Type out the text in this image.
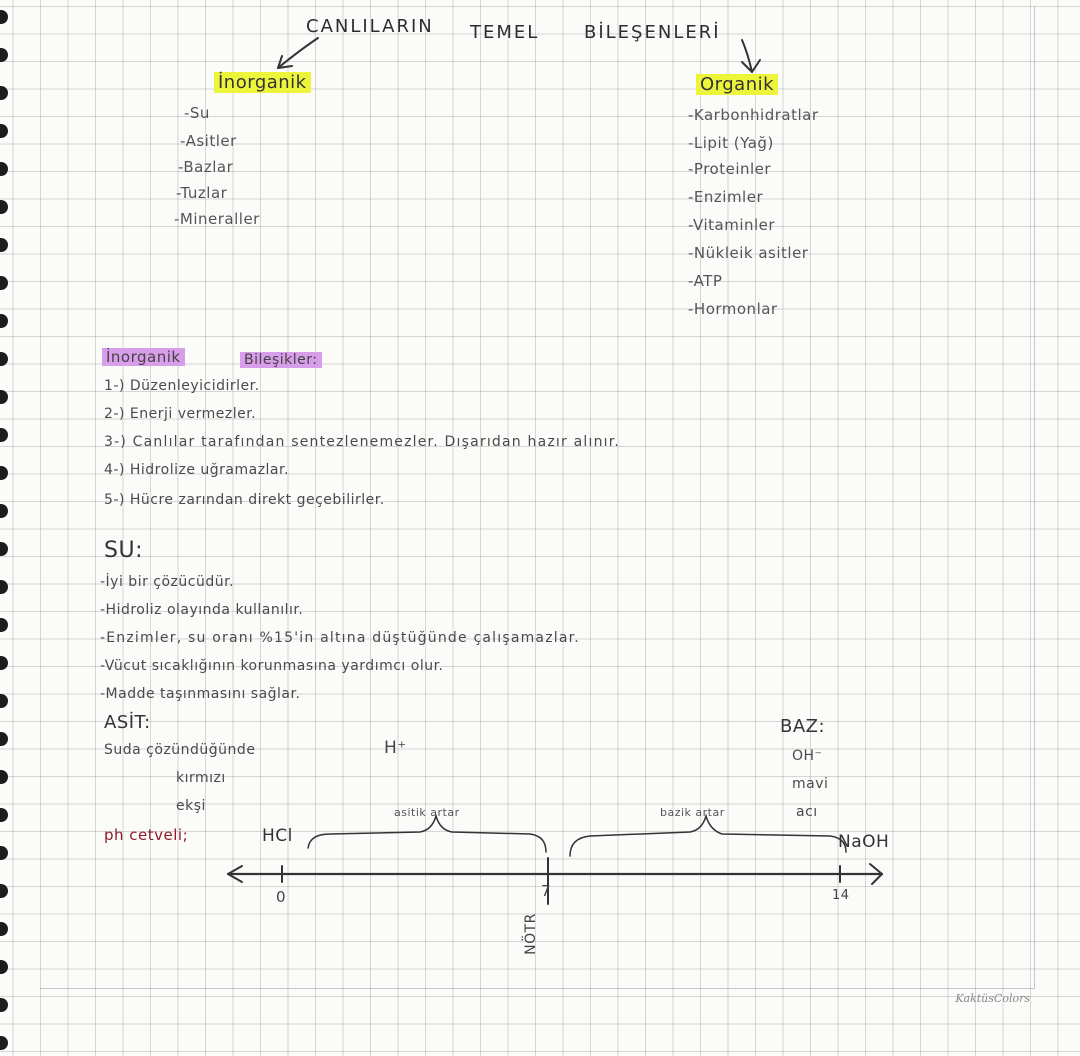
CANLILARIN TEMEL BİLEŞENLERİ
İnorganik
-Su
-Asitler
-Bazlar
-Tuzlar
-Mineraller
Organik
-Karbonhidratlar
-Lipit (Yağ)
-Proteinler
-Enzimler
-Vitaminler
-Nükleik asitler
-ATP
-Hormonlar
İnorganik	Bileşikler:
1-) Düzenleyicidirler.
2-) Enerji vermezler.
3-) Canlılar tarafından sentezlenemezler. Dışarıdan hazır alınır.
4-) Hidrolize uğramazlar.
5-) Hücre zarından direkt geçebilirler.
SU:
-İyi bir çözücüdür.
-Hidroliz olayında kullanılır.
-Enzimler, su oranı %15'in altına düştüğünde çalışamazlar.
-Vücut sıcaklığının korunmasına yardımcı olur.
-Madde taşınmasını sağlar.
ASİT:
Suda çözündüğünde	H⁺
kırmızı
ekşi
BAZ:
OH⁻
mavi
acı
ph cetveli;	HCl	NaOH
asitik artar	bazik artar
0	7	14
NÖTR
KaktüsColors
